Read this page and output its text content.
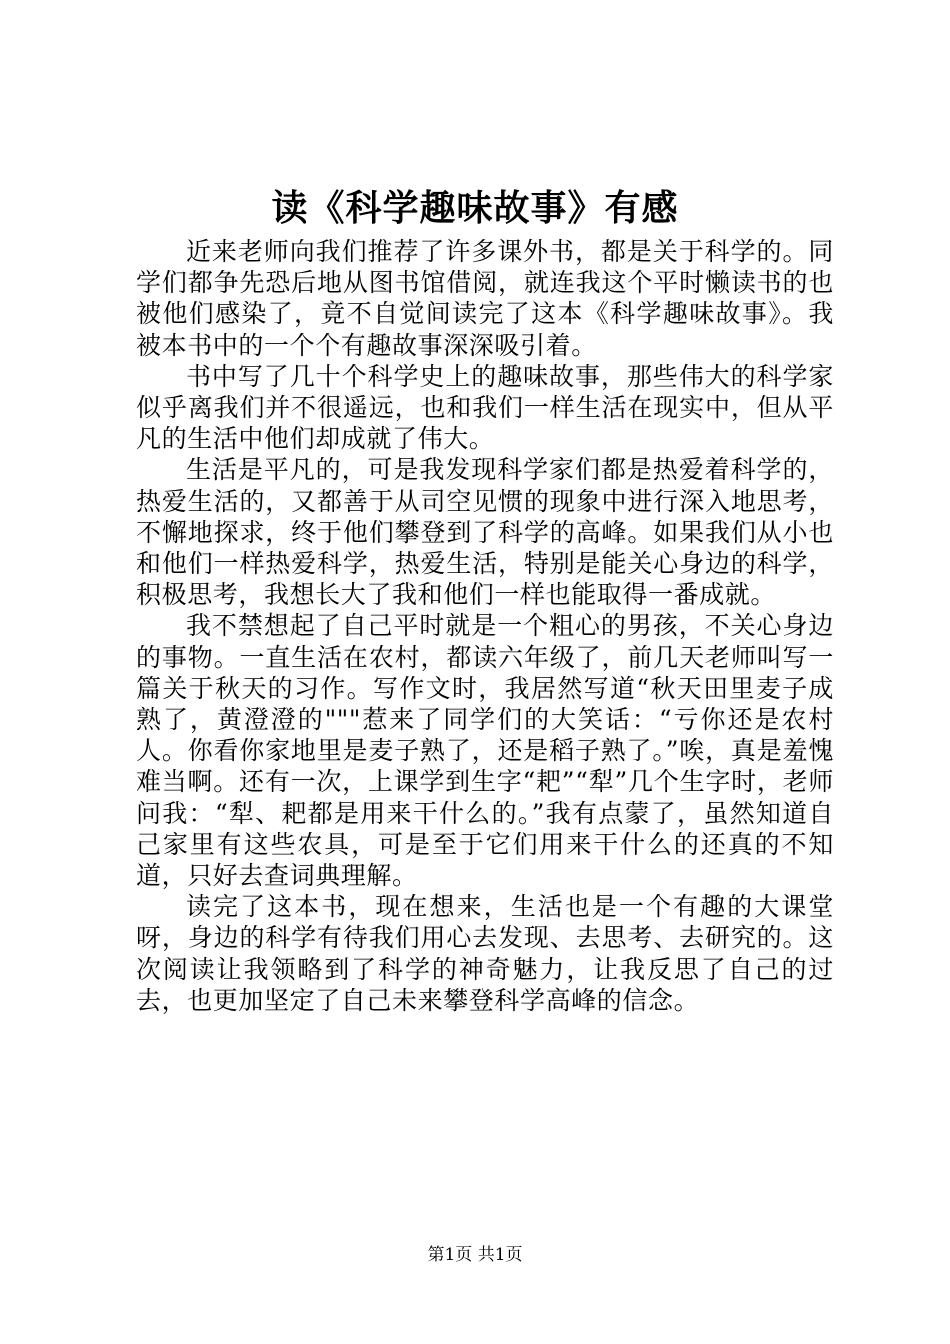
读《科学趣味故事》有感

近来老师向我们推荐了许多课外书，都是关于科学的。同学们都争先恐后地从图书馆借阅，就连我这个平时懒读书的也被他们感染了，竟不自觉间读完了这本《科学趣味故事》。我被本书中的一个个有趣故事深深吸引着。

书中写了几十个科学史上的趣味故事，那些伟大的科学家似乎离我们并不很遥远，也和我们一样生活在现实中，但从平凡的生活中他们却成就了伟大。

生活是平凡的，可是我发现科学家们都是热爱着科学的，热爱生活的，又都善于从司空见惯的现象中进行深入地思考，不懈地探求，终于他们攀登到了科学的高峰。如果我们从小也和他们一样热爱科学，热爱生活，特别是能关心身边的科学，积极思考，我想长大了我和他们一样也能取得一番成就。

我不禁想起了自己平时就是一个粗心的男孩，不关心身边的事物。一直生活在农村，都读六年级了，前几天老师叫写一篇关于秋天的习作。写作文时，我居然写道“秋天田里麦子成熟了，黄澄澄的"""惹来了同学们的大笑话：“亏你还是农村人。你看你家地里是麦子熟了，还是稻子熟了。”唉，真是羞愧难当啊。还有一次，上课学到生字“耙”“犁”几个生字时，老师问我：“犁、耙都是用来干什么的。”我有点蒙了，虽然知道自己家里有这些农具，可是至于它们用来干什么的还真的不知道，只好去查词典理解。

读完了这本书，现在想来，生活也是一个有趣的大课堂呀，身边的科学有待我们用心去发现、去思考、去研究的。这次阅读让我领略到了科学的神奇魅力，让我反思了自己的过去，也更加坚定了自己未来攀登科学高峰的信念。

第1页 共1页
